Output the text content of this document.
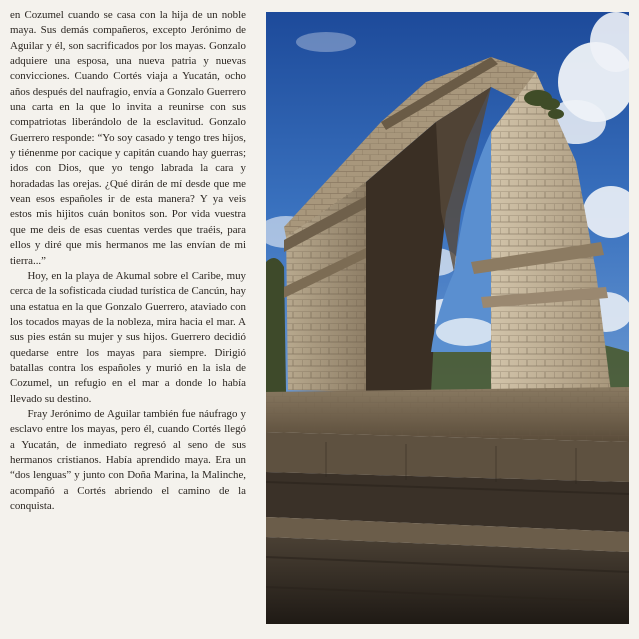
en Cozumel cuando se casa con la hija de un noble maya. Sus demás compañeros, excepto Jerónimo de Aguilar y él, son sacrificados por los mayas. Gonzalo adquiere una esposa, una nueva patria y nuevas convicciones. Cuando Cortés viaja a Yucatán, ocho años después del naufragio, envía a Gonzalo Guerrero una carta en la que lo invita a reunirse con sus compatriotas liberándolo de la esclavitud. Gonzalo Guerrero responde: “Yo soy casado y tengo tres hijos, y tiénenme por cacique y capitán cuando hay guerras; idos con Dios, que yo tengo labrada la cara y horadadas las orejas. ¿Qué dirán de mí desde que me vean esos españoles ir de esta manera? Y ya veis estos mis hijitos cuán bonitos son. Por vida vuestra que me deis de esas cuentas verdes que traéis, para ellos y diré que mis hermanos me las envían de mi tierra...”

Hoy, en la playa de Akumal sobre el Caribe, muy cerca de la sofisticada ciudad turística de Cancún, hay una estatua en la que Gonzalo Guerrero, ataviado con los tocados mayas de la nobleza, mira hacia el mar. A sus pies están su mujer y sus hijos. Guerrero decidió quedarse entre los mayas para siempre. Dirigió batallas contra los españoles y murió en la isla de Cozumel, un refugio en el mar a donde lo había llevado su destino.

Fray Jerónimo de Aguilar también fue náufrago y esclavo entre los mayas, pero él, cuando Cortés llegó a Yucatán, de inmediato regresó al seno de sus hermanos cristianos. Había aprendido maya. Era un “dos lenguas” y junto con Doña Marina, la Malinche, acompañó a Cortés abriendo el camino de la conquista.
